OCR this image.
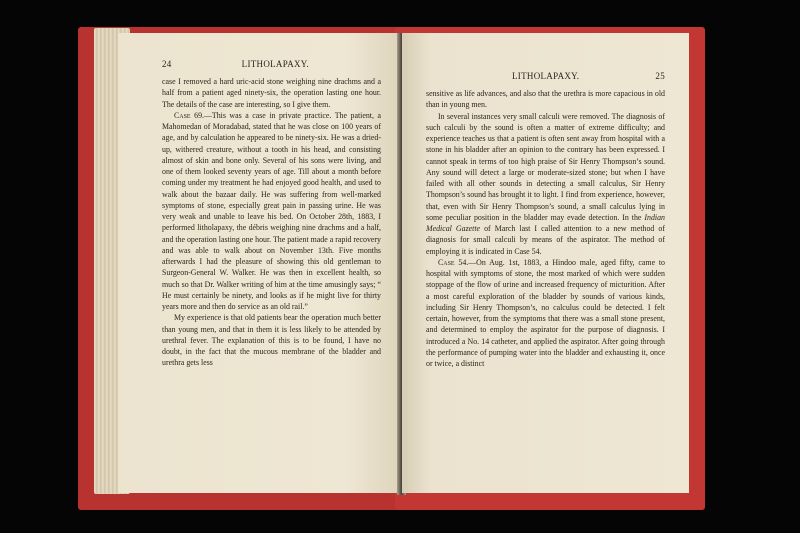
24	LITHOLAPAXY.

case I removed a hard uric-acid stone weighing nine drachms and a half from a patient aged ninety-six, the operation lasting one hour. The details of the case are interesting, so I give them.

Case 69.—This was a case in private practice. The patient, a Mahomedan of Moradabad, stated that he was close on 100 years of age, and by calculation he appeared to be ninety-six. He was a dried-up, withered creature, without a tooth in his head, and consisting almost of skin and bone only. Several of his sons were living, and one of them looked seventy years of age. Till about a month before coming under my treatment he had enjoyed good health, and used to walk about the bazaar daily. He was suffering from well-marked symptoms of stone, especially great pain in passing urine. He was very weak and unable to leave his bed. On October 28th, 1883, I performed litholapaxy, the débris weighing nine drachms and a half, and the operation lasting one hour. The patient made a rapid recovery and was able to walk about on November 13th. Five months afterwards I had the pleasure of showing this old gentleman to Surgeon-General W. Walker. He was then in excellent health, so much so that Dr. Walker writing of him at the time amusingly says; “ He must certainly be ninety, and looks as if he might live for thirty years more and then do service as an old rail.”

My experience is that old patients bear the operation much better than young men, and that in them it is less likely to be attended by urethral fever. The explanation of this is to be found, I have no doubt, in the fact that the mucous membrane of the bladder and urethra gets less

LITHOLAPAXY.	25

sensitive as life advances, and also that the urethra is more capacious in old than in young men.

In several instances very small calculi were removed. The diagnosis of such calculi by the sound is often a matter of extreme difficulty; and experience teaches us that a patient is often sent away from hospital with a stone in his bladder after an opinion to the contrary has been expressed. I cannot speak in terms of too high praise of Sir Henry Thompson’s sound. Any sound will detect a large or moderate-sized stone; but when I have failed with all other sounds in detecting a small calculus, Sir Henry Thompson’s sound has brought it to light. I find from experience, however, that, even with Sir Henry Thompson’s sound, a small calculus lying in some peculiar position in the bladder may evade detection. In the Indian Medical Gazette of March last I called attention to a new method of diagnosis for small calculi by means of the aspirator. The method of employing it is indicated in Case 54.

Case 54.—On Aug. 1st, 1883, a Hindoo male, aged fifty, came to hospital with symptoms of stone, the most marked of which were sudden stoppage of the flow of urine and increased frequency of micturition. After a most careful exploration of the bladder by sounds of various kinds, including Sir Henry Thompson’s, no calculus could be detected. I felt certain, however, from the symptoms that there was a small stone present, and determined to employ the aspirator for the purpose of diagnosis. I introduced a No. 14 catheter, and applied the aspirator. After going through the performance of pumping water into the bladder and exhausting it, once or twice, a distinct
